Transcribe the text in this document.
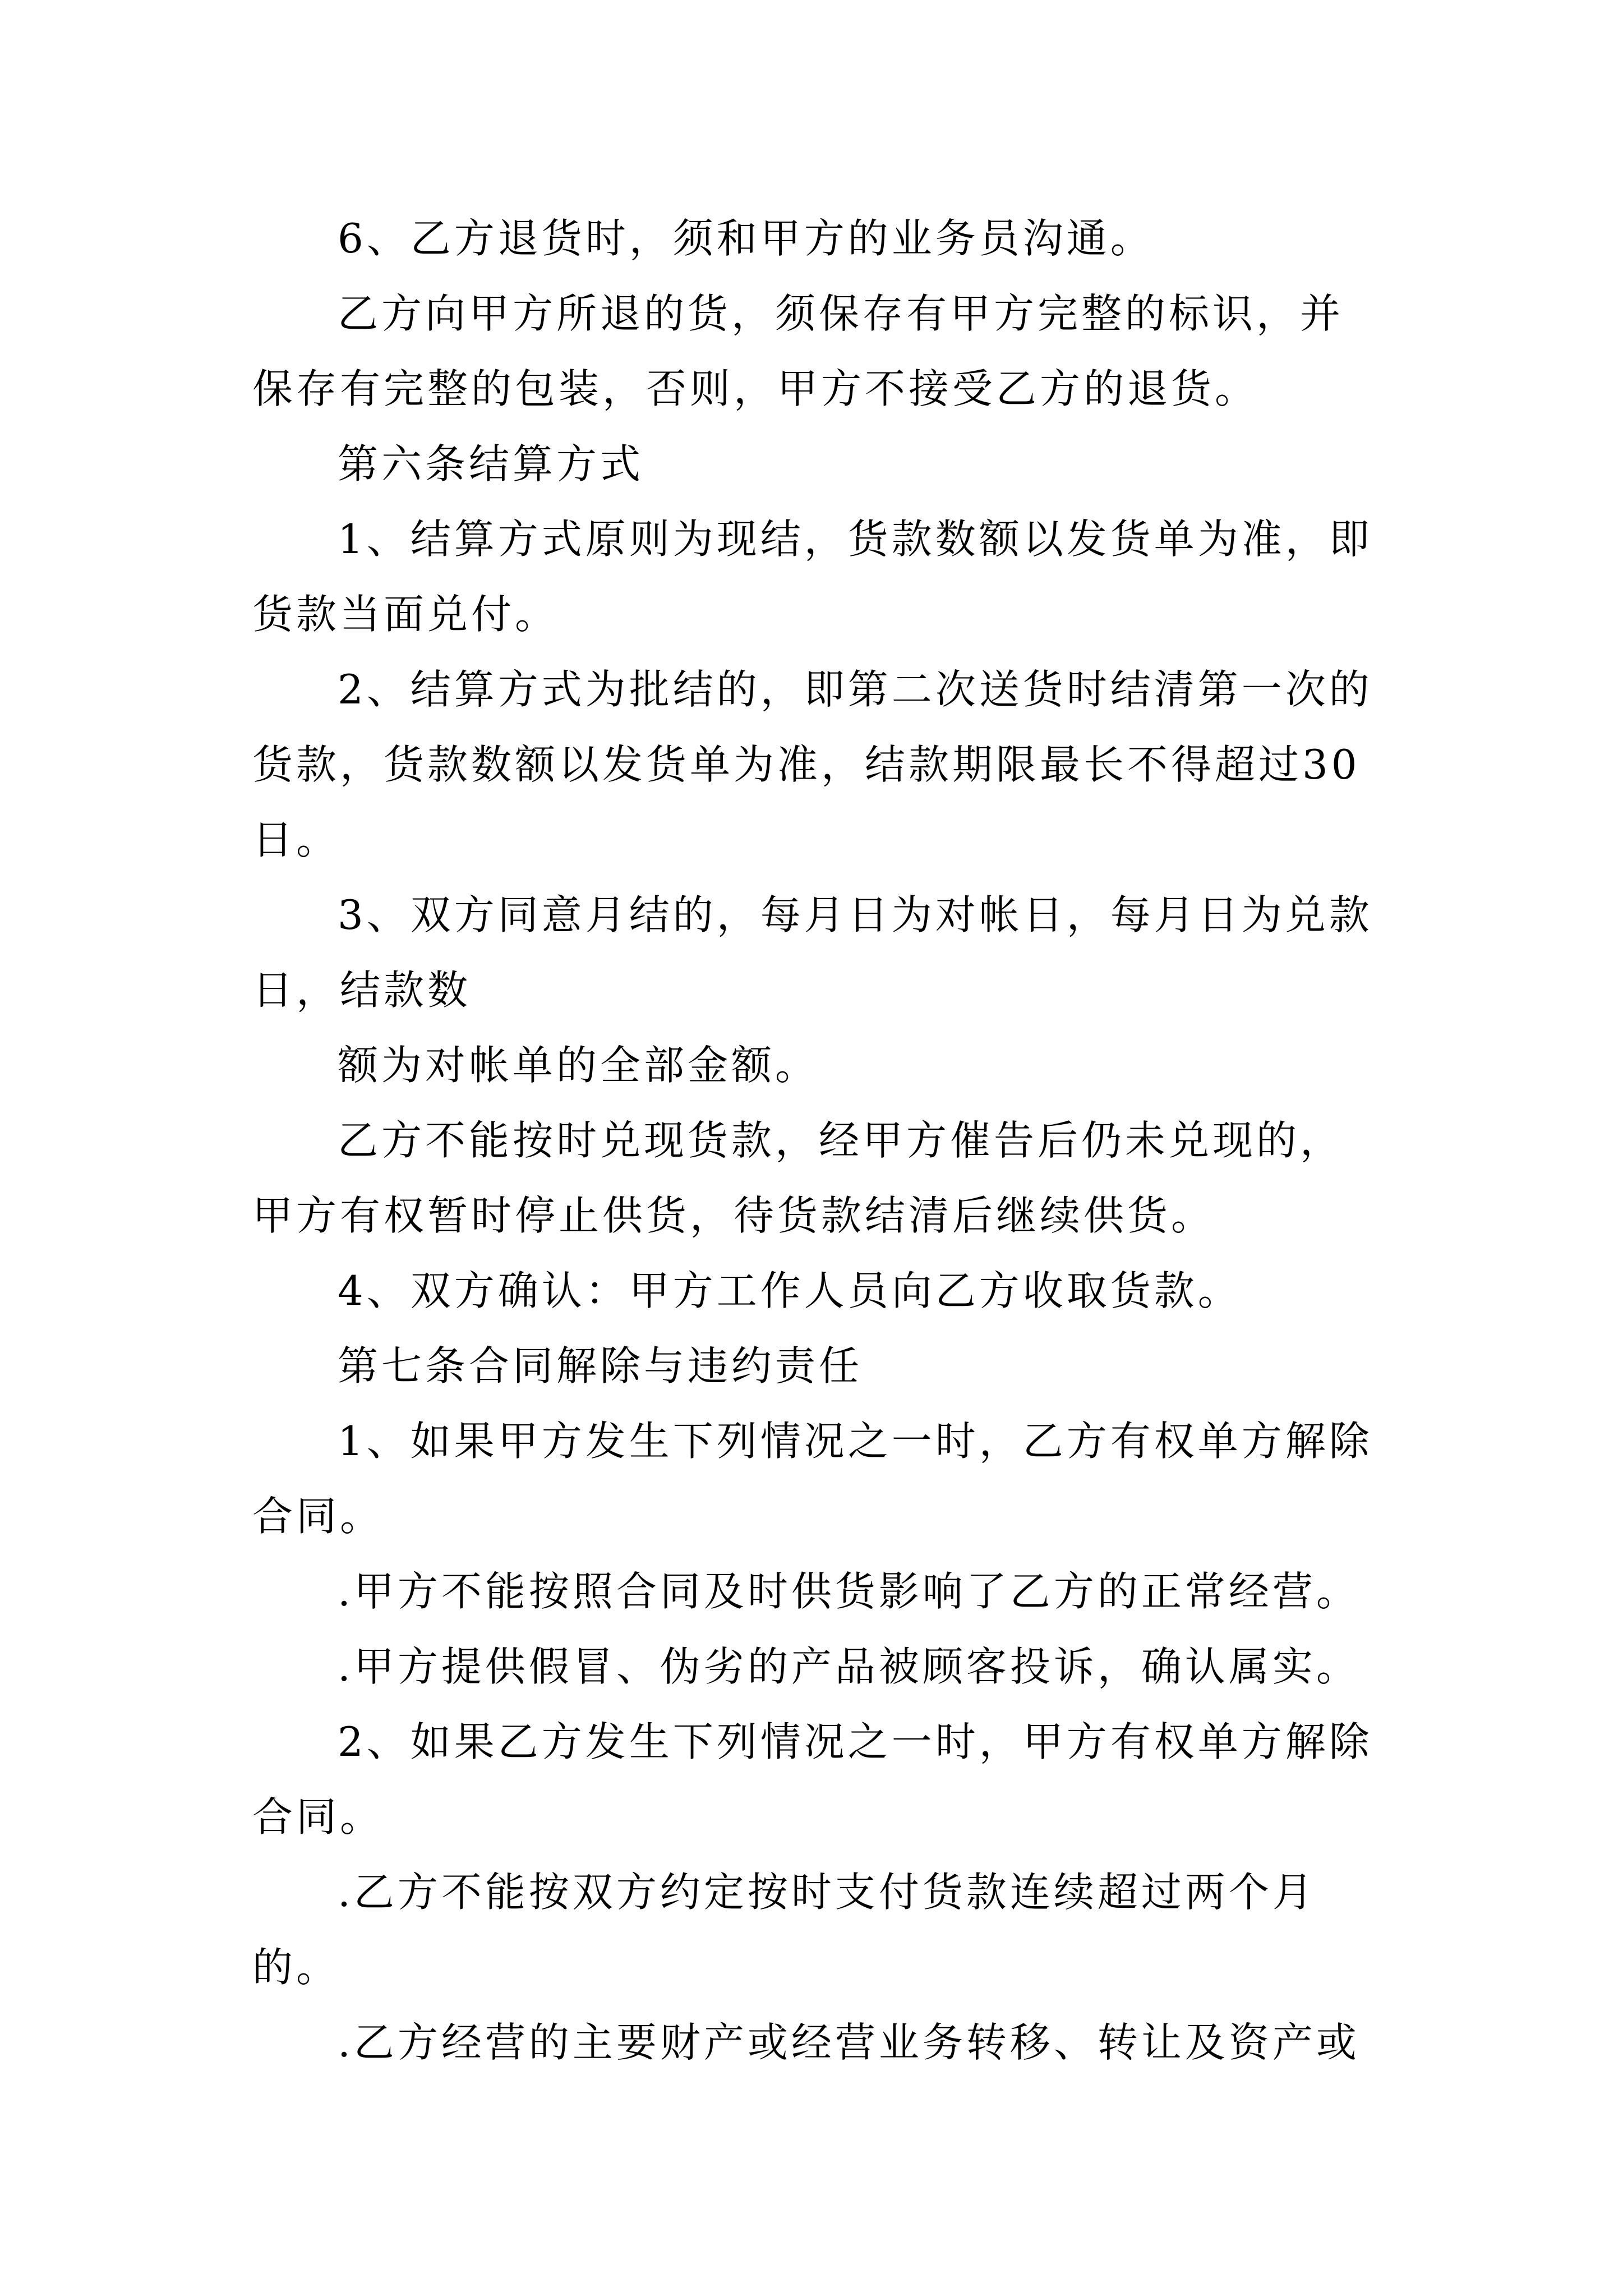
6、乙方退货时，须和甲方的业务员沟通。

乙方向甲方所退的货，须保存有甲方完整的标识，并保存有完整的包装，否则，甲方不接受乙方的退货。

第六条结算方式

1、结算方式原则为现结，货款数额以发货单为准，即货款当面兑付。

2、结算方式为批结的，即第二次送货时结清第一次的货款，货款数额以发货单为准，结款期限最长不得超过30日。

3、双方同意月结的，每月日为对帐日，每月日为兑款日，结款数

额为对帐单的全部金额。

乙方不能按时兑现货款，经甲方催告后仍未兑现的，甲方有权暂时停止供货，待货款结清后继续供货。

4、双方确认：甲方工作人员向乙方收取货款。

第七条合同解除与违约责任

1、如果甲方发生下列情况之一时，乙方有权单方解除合同。

.甲方不能按照合同及时供货影响了乙方的正常经营。

.甲方提供假冒、伪劣的产品被顾客投诉，确认属实。

2、如果乙方发生下列情况之一时，甲方有权单方解除合同。

.乙方不能按双方约定按时支付货款连续超过两个月的。

.乙方经营的主要财产或经营业务转移、转让及资产或
